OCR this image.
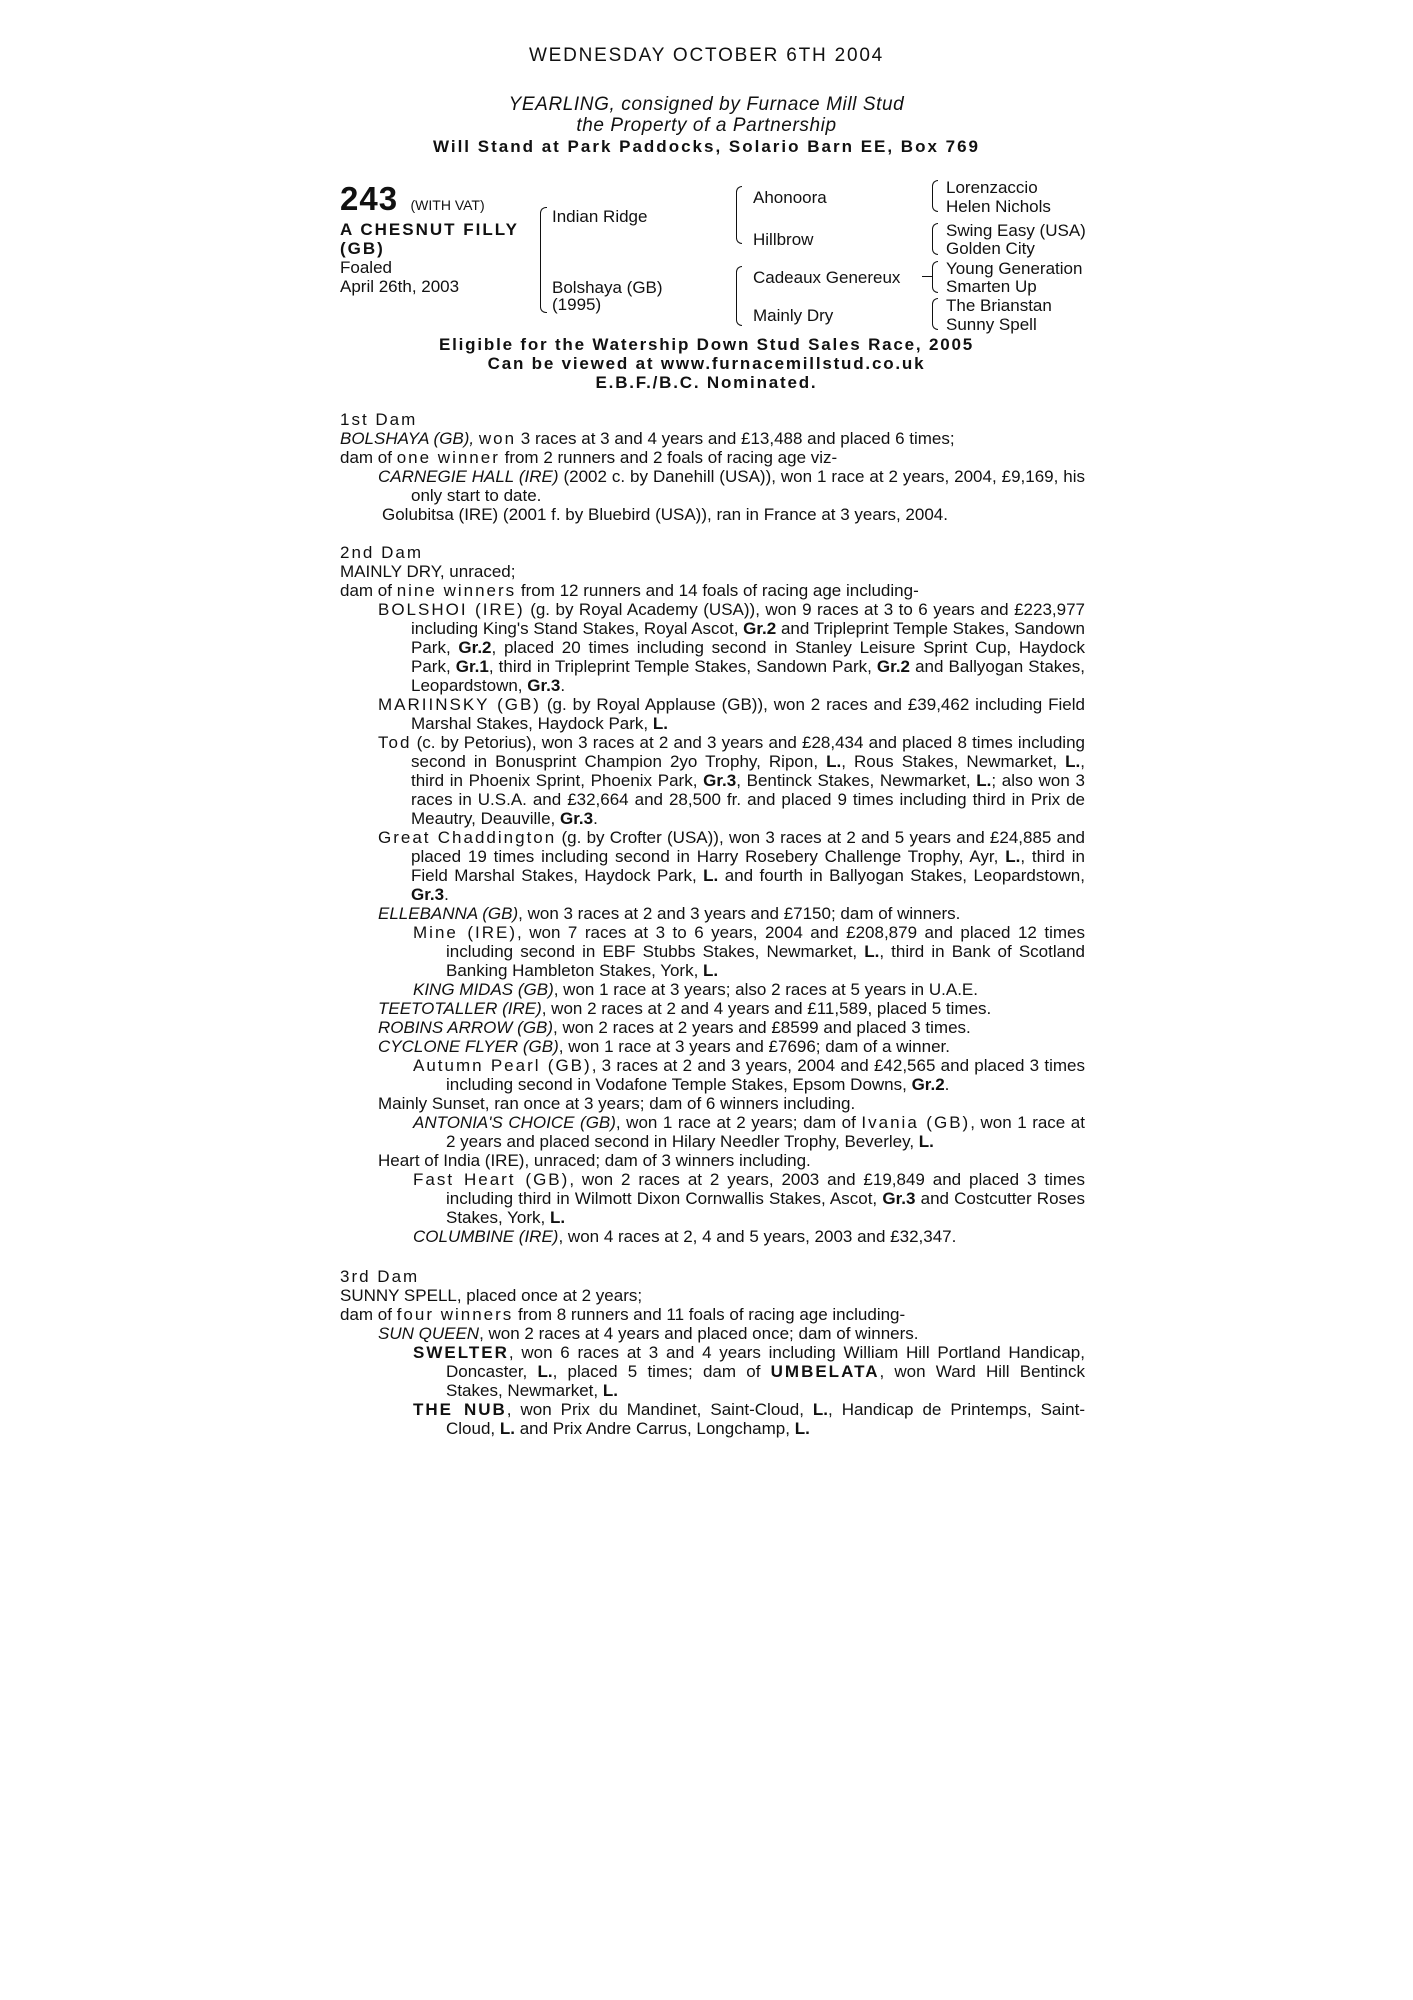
WEDNESDAY OCTOBER 6TH 2004
YEARLING, consigned by Furnace Mill Stud
the Property of a Partnership
Will Stand at Park Paddocks, Solario Barn EE, Box 769
243 (WITH VAT)
A CHESNUT FILLY
(GB)
Foaled
April 26th, 2003
Indian Ridge
Bolshaya (GB)
(1995)
Ahonoora
Hillbrow
Cadeaux Genereux
Mainly Dry
Lorenzaccio
Helen Nichols
Swing Easy (USA)
Golden City
Young Generation
Smarten Up
The Brianstan
Sunny Spell
Eligible for the Watership Down Stud Sales Race, 2005
Can be viewed at www.furnacemillstud.co.uk
E.B.F./B.C. Nominated.

1st Dam

BOLSHAYA (GB), won 3 races at 3 and 4 years and £13,488 and placed 6 times;

dam of one winner from 2 runners and 2 foals of racing age viz-

CARNEGIE HALL (IRE) (2002 c. by Danehill (USA)), won 1 race at 2 years, 2004, £9,169, his only start to date.

Golubitsa (IRE) (2001 f. by Bluebird (USA)), ran in France at 3 years, 2004.

2nd Dam

MAINLY DRY, unraced;

dam of nine winners from 12 runners and 14 foals of racing age including-

BOLSHOI (IRE) (g. by Royal Academy (USA)), won 9 races at 3 to 6 years and £223,977 including King's Stand Stakes, Royal Ascot, Gr.2 and Tripleprint Temple Stakes, Sandown Park, Gr.2, placed 20 times including second in Stanley Leisure Sprint Cup, Haydock Park, Gr.1, third in Tripleprint Temple Stakes, Sandown Park, Gr.2 and Ballyogan Stakes, Leopardstown, Gr.3.

MARIINSKY (GB) (g. by Royal Applause (GB)), won 2 races and £39,462 including Field Marshal Stakes, Haydock Park, L.

Tod (c. by Petorius), won 3 races at 2 and 3 years and £28,434 and placed 8 times including second in Bonusprint Champion 2yo Trophy, Ripon, L., Rous Stakes, Newmarket, L., third in Phoenix Sprint, Phoenix Park, Gr.3, Bentinck Stakes, Newmarket, L.; also won 3 races in U.S.A. and £32,664 and 28,500 fr. and placed 9 times including third in Prix de Meautry, Deauville, Gr.3.

Great Chaddington (g. by Crofter (USA)), won 3 races at 2 and 5 years and £24,885 and placed 19 times including second in Harry Rosebery Challenge Trophy, Ayr, L., third in Field Marshal Stakes, Haydock Park, L. and fourth in Ballyogan Stakes, Leopardstown, Gr.3.

ELLEBANNA (GB), won 3 races at 2 and 3 years and £7150; dam of winners.

Mine (IRE), won 7 races at 3 to 6 years, 2004 and £208,879 and placed 12 times including second in EBF Stubbs Stakes, Newmarket, L., third in Bank of Scotland Banking Hambleton Stakes, York, L.

KING MIDAS (GB), won 1 race at 3 years; also 2 races at 5 years in U.A.E.

TEETOTALLER (IRE), won 2 races at 2 and 4 years and £11,589, placed 5 times.

ROBINS ARROW (GB), won 2 races at 2 years and £8599 and placed 3 times.

CYCLONE FLYER (GB), won 1 race at 3 years and £7696; dam of a winner.

Autumn Pearl (GB), 3 races at 2 and 3 years, 2004 and £42,565 and placed 3 times including second in Vodafone Temple Stakes, Epsom Downs, Gr.2.

Mainly Sunset, ran once at 3 years; dam of 6 winners including.

ANTONIA'S CHOICE (GB), won 1 race at 2 years; dam of Ivania (GB), won 1 race at 2 years and placed second in Hilary Needler Trophy, Beverley, L.

Heart of India (IRE), unraced; dam of 3 winners including.

Fast Heart (GB), won 2 races at 2 years, 2003 and £19,849 and placed 3 times including third in Wilmott Dixon Cornwallis Stakes, Ascot, Gr.3 and Costcutter Roses Stakes, York, L.

COLUMBINE (IRE), won 4 races at 2, 4 and 5 years, 2003 and £32,347.

3rd Dam

SUNNY SPELL, placed once at 2 years;

dam of four winners from 8 runners and 11 foals of racing age including-

SUN QUEEN, won 2 races at 4 years and placed once; dam of winners.

SWELTER, won 6 races at 3 and 4 years including William Hill Portland Handicap, Doncaster, L., placed 5 times; dam of UMBELATA, won Ward Hill Bentinck Stakes, Newmarket, L.

THE NUB, won Prix du Mandinet, Saint-Cloud, L., Handicap de Printemps, Saint-Cloud, L. and Prix Andre Carrus, Longchamp, L.
